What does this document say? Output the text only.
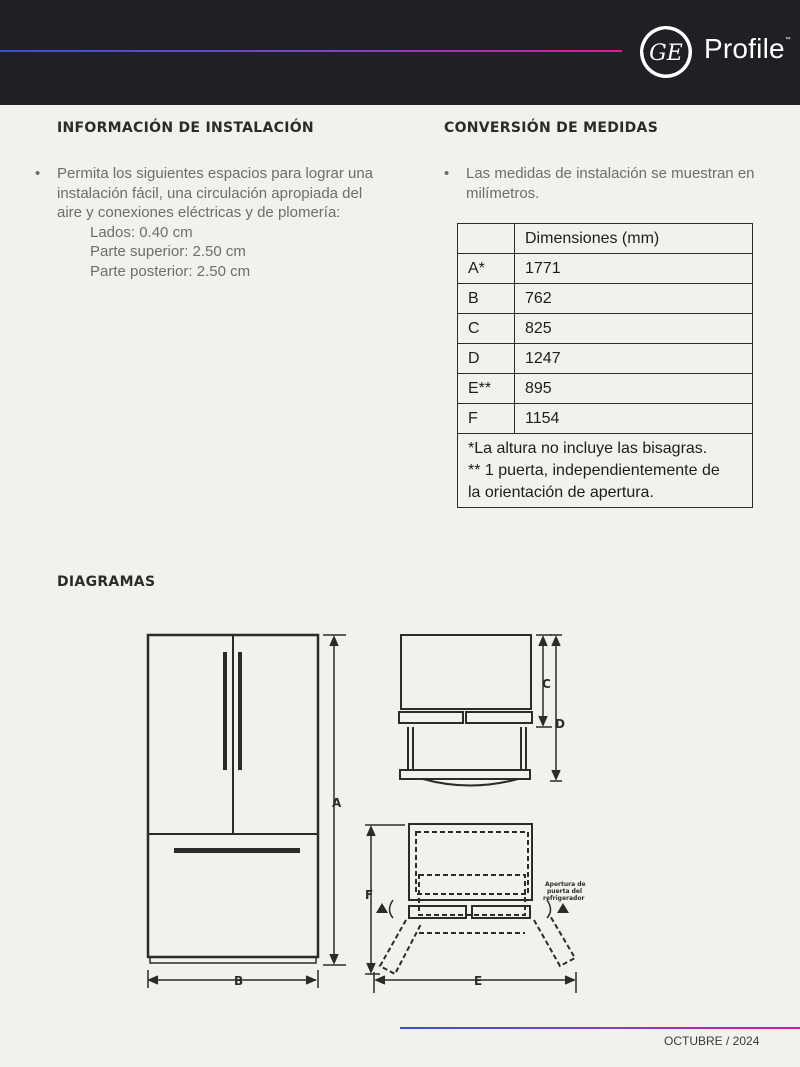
GE Profile™
INFORMACIÓN DE INSTALACIÓN
• Permita los siguientes espacios para lograr una instalación fácil, una circulación apropiada del aire y conexiones eléctricas y de plomería:
Lados: 0.40 cm
Parte superior: 2.50 cm
Parte posterior: 2.50 cm
CONVERSIÓN DE MEDIDAS
• Las medidas de instalación se muestran en milímetros.
	Dimensiones (mm)
A*	1771
B	762
C	825
D	1247
E**	895
F	1154
*La altura no incluye las bisagras.
** 1 puerta, independientemente de
la orientación de apertura.	
DIAGRAMAS
A
B
C
D
Apertura de
puerta del
refrigerador
F
E
OCTUBRE / 2024
